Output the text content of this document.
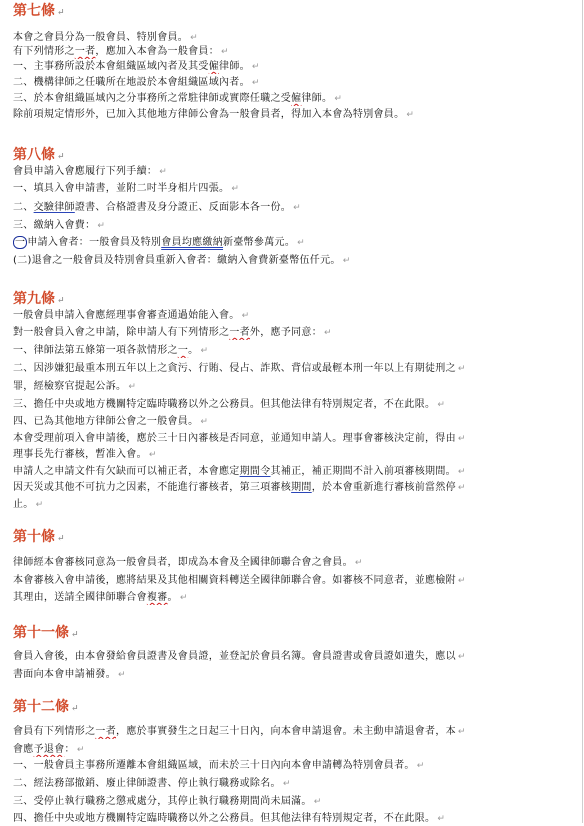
第七條 ↵
本會之會員分為一般會員、特別會員。 ↵
有下列情形之一者，應加入本會為一般會員： ↵
一、主事務所設於本會組織區域內者及其受僱律師。 ↵
二、機構律師之任職所在地設於本會組織區域內者。 ↵
三、於本會組織區域內之分事務所之常駐律師或實際任職之受僱律師。 ↵
除前項規定情形外，已加入其他地方律師公會為一般會員者，得加入本會為特別會員。 ↵
第八條 ↵
會員申請入會應履行下列手續： ↵
一、填具入會申請書，並附二吋半身相片四張。 ↵
二、交驗律師證書、合格證書及身分證正、反面影本各一份。 ↵
三、繳納入會費： ↵
一 申請入會者：一般會員及特別會員均應繳納新臺幣參萬元。 ↵
(二)退會之一般會員及特別會員重新入會者：繳納入會費新臺幣伍仟元。 ↵
第九條 ↵
一般會員申請入會應經理事會審查通過始能入會。 ↵
對一般會員入會之申請，除申請人有下列情形之一者外，應予同意： ↵
一、律師法第五條第一項各款情形之一。 ↵
二、因涉嫌犯最重本刑五年以上之貪污、行賄、侵占、詐欺、背信或最輕本刑一年以上有期徒刑之 ↵
罪，經檢察官提起公訴。 ↵
三、擔任中央或地方機關特定臨時職務以外之公務員。但其他法律有特別規定者，不在此限。 ↵
四、已為其他地方律師公會之一般會員。 ↵
本會受理前項入會申請後，應於三十日內審核是否同意，並通知申請人。理事會審核決定前，得由 ↵
理事長先行審核，暫准入會。 ↵
申請人之申請文件有欠缺而可以補正者，本會應定期間令其補正，補正期間不計入前項審核期間。 ↵
因天災或其他不可抗力之因素，不能進行審核者，第三項審核期間，於本會重新進行審核前當然停 ↵
止。 ↵
第十條 ↵
律師經本會審核同意為一般會員者，即成為本會及全國律師聯合會之會員。 ↵
本會審核入會申請後，應將結果及其他相關資料轉送全國律師聯合會。如審核不同意者，並應檢附 ↵
其理由，送請全國律師聯合會複審。 ↵
第十一條 ↵
會員入會後，由本會發給會員證書及會員證，並登記於會員名簿。會員證書或會員證如遺失，應以 ↵
書面向本會申請補發。 ↵
第十二條 ↵
會員有下列情形之一者，應於事實發生之日起三十日內，向本會申請退會。未主動申請退會者，本 ↵
會應予退會： ↵
一、一般會員主事務所遷離本會組織區域，而未於三十日內向本會申請轉為特別會員者。 ↵
二、經法務部撤銷、廢止律師證書、停止執行職務或除名。 ↵
三、受停止執行職務之懲戒處分，其停止執行職務期間尚未屆滿。 ↵
四、擔任中央或地方機關特定臨時職務以外之公務員。但其他法律有特別規定者，不在此限。 ↵
